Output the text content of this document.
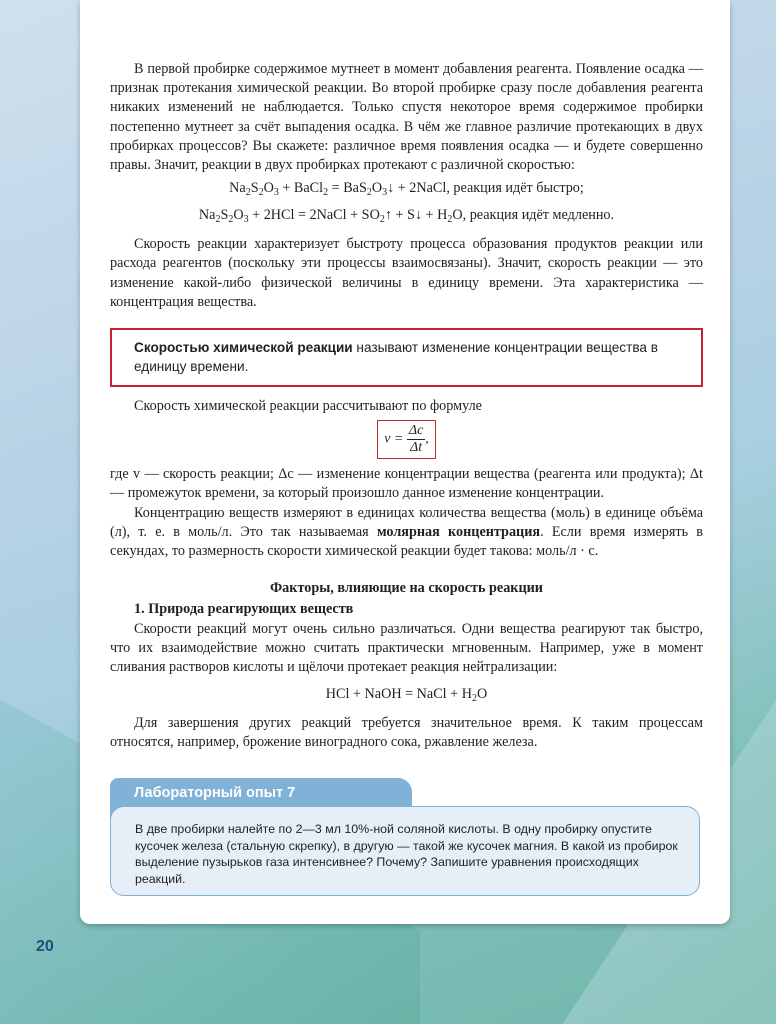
В первой пробирке содержимое мутнеет в момент добавления реагента. Появление осадка — признак протекания химической реакции. Во второй пробирке сразу после добавления реагента никаких изменений не наблюдается. Только спустя некоторое время содержимое пробирки постепенно мутнеет за счёт выпадения осадка. В чём же главное различие протекающих в двух пробирках процессов? Вы скажете: различное время появления осадка — и будете совершенно правы. Значит, реакции в двух пробирках протекают с различной скоростью:

$Na_2S_2O_3$ + BaCl$_2$ = $BaS_2O_3↓$ + 2NaCl, реакция идёт быстро;
$Na_2S_2O_3 + 2HCl$ = 2NaCl + $SO_2↑$ + S↓ + $H_2O$, реакция идёт медленно.

Скорость реакции характеризует быстроту процесса образования продуктов реакции или расхода реагентов (поскольку эти процессы взаимосвязаны). Значит, скорость реакции — это изменение какой-либо физической величины в единицу времени. Эта характеристика — концентрация вещества.

Скоростью химической реакции называют изменение концентрации вещества в единицу времени.

Скорость химической реакции рассчитывают по формуле

$v = \frac{\Delta c}{\Delta t}$ ,

где v — скорость реакции; Δc — изменение концентрации вещества (реагента или продукта); Δt — промежуток времени, за который произошло данное изменение концентрации.

Концентрацию веществ измеряют в единицах количества вещества (моль) в единице объёма (л), т. е. в моль/л. Это так называемая молярная концентрация. Если время измерять в секундах, то размерность скорости химической реакции будет такова: моль/л · с.

Факторы, влияющие на скорость реакции

1. Природа реагирующих веществ

Скорости реакций могут очень сильно различаться. Одни вещества реагируют так быстро, что их взаимодействие можно считать практически мгновенным. Например, уже в момент сливания растворов кислоты и щёлочи протекает реакция нейтрализации:

HCl + NaOH = NaCl + $H_2O$

Для завершения других реакций требуется значительное время. К таким процессам относятся, например, брожение виноградного сока, ржавление железа.

Лабораторный опыт 7
В две пробирки налейте по 2—3 мл 10%-ной соляной кислоты. В одну пробирку опустите кусочек железа (стальную скрепку), в другую — такой же кусочек магния. В какой из пробирок выделение пузырьков газа интенсивнее? Почему? Запишите уравнения происходящих реакций.
20
